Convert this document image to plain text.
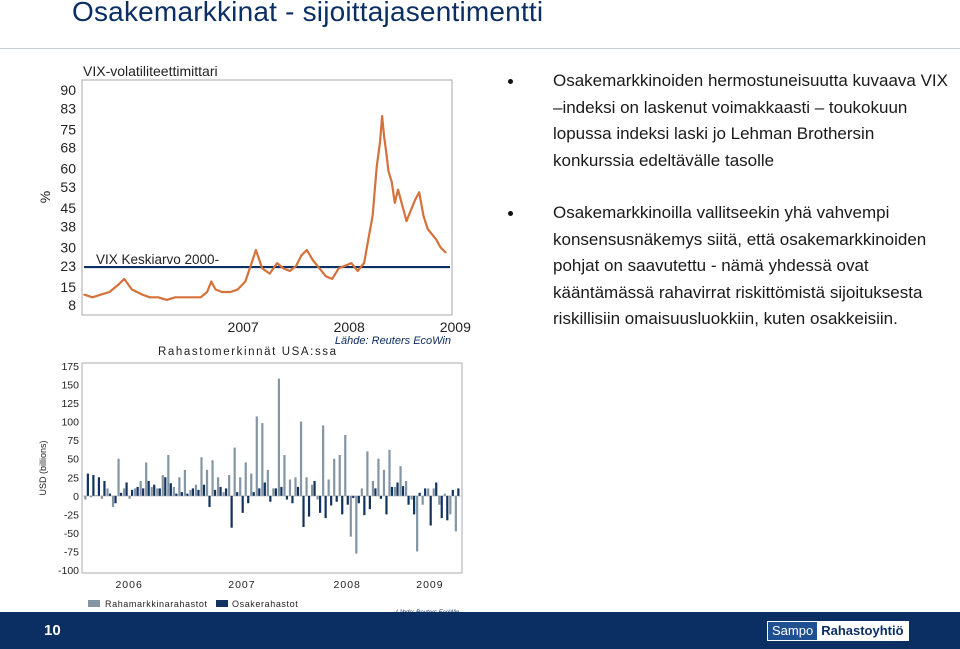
Osakemarkkinat - sijoittajasentimentti
VIX-volatiliteettimittari
%
8
15
23
30
38
45
53
60
68
75
83
90
2007	2008	2009
VIX Keskiarvo 2000-
Lähde: Reuters EcoWin
Rahastomerkinnät USA:ssa
USD (billions)
-100
-75
-50
-25
0
25
50
75
100
125
150
175
2006	2007	2008	2009
Rahamarkkinarahastot	Osakerahastot
Osakemarkkinoiden hermostuneisuutta kuvaava VIX –indeksi on laskenut voimakkaasti – toukokuun lopussa indeksi laski jo Lehman Brothersin konkurssia edeltävälle tasolle
Osakemarkkinoilla vallitseekin yhä vahvempi konsensusnäkemys siitä, että osakemarkkinoiden pohjat on saavutettu - nämä yhdessä ovat kääntämässä rahavirrat riskittömistä sijoituksesta riskillisiin omaisuusluokkiin, kuten osakkeisiin.
10	Sampo Rahastoyhtiö
